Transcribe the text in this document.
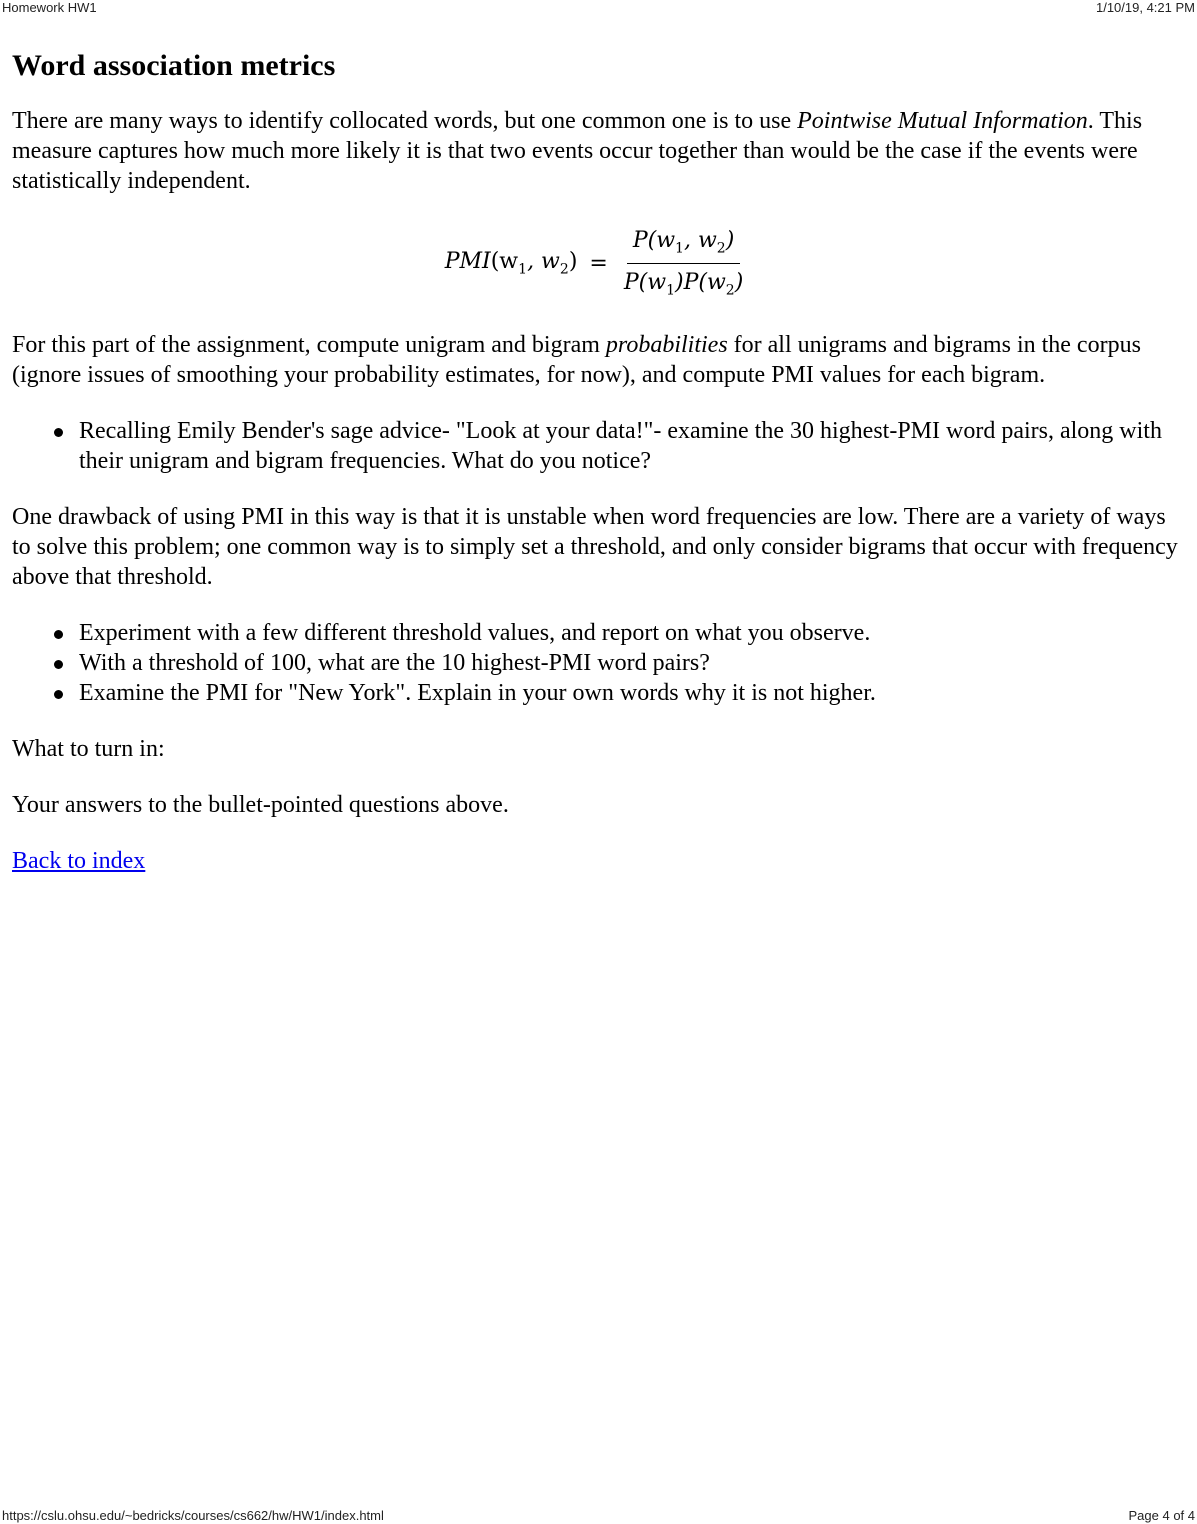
Homework HW1	1/10/19, 4:21 PM
Word association metrics

There are many ways to identify collocated words, but one common one is to use Pointwise Mutual Information. This measure captures how much more likely it is that two events occur together than would be the case if the events were statistically independent.

$PMI(w_1$, $w_2) = \frac{P(w_1, w_2)}{P(w_1)P(w_2)}$

For this part of the assignment, compute unigram and bigram probabilities for all unigrams and bigrams in the corpus (ignore issues of smoothing your probability estimates, for now), and compute PMI values for each bigram.

Recalling Emily Bender's sage advice- "Look at your data!"- examine the 30 highest-PMI word pairs, along with their unigram and bigram frequencies. What do you notice?

One drawback of using PMI in this way is that it is unstable when word frequencies are low. There are a variety of ways to solve this problem; one common way is to simply set a threshold, and only consider bigrams that occur with frequency above that threshold.

Experiment with a few different threshold values, and report on what you observe.
With a threshold of 100, what are the 10 highest-PMI word pairs?
Examine the PMI for "New York". Explain in your own words why it is not higher.

What to turn in:

Your answers to the bullet-pointed questions above.

Back to index
https://cslu.ohsu.edu/~bedricks/courses/cs662/hw/HW1/index.html	Page 4 of 4
